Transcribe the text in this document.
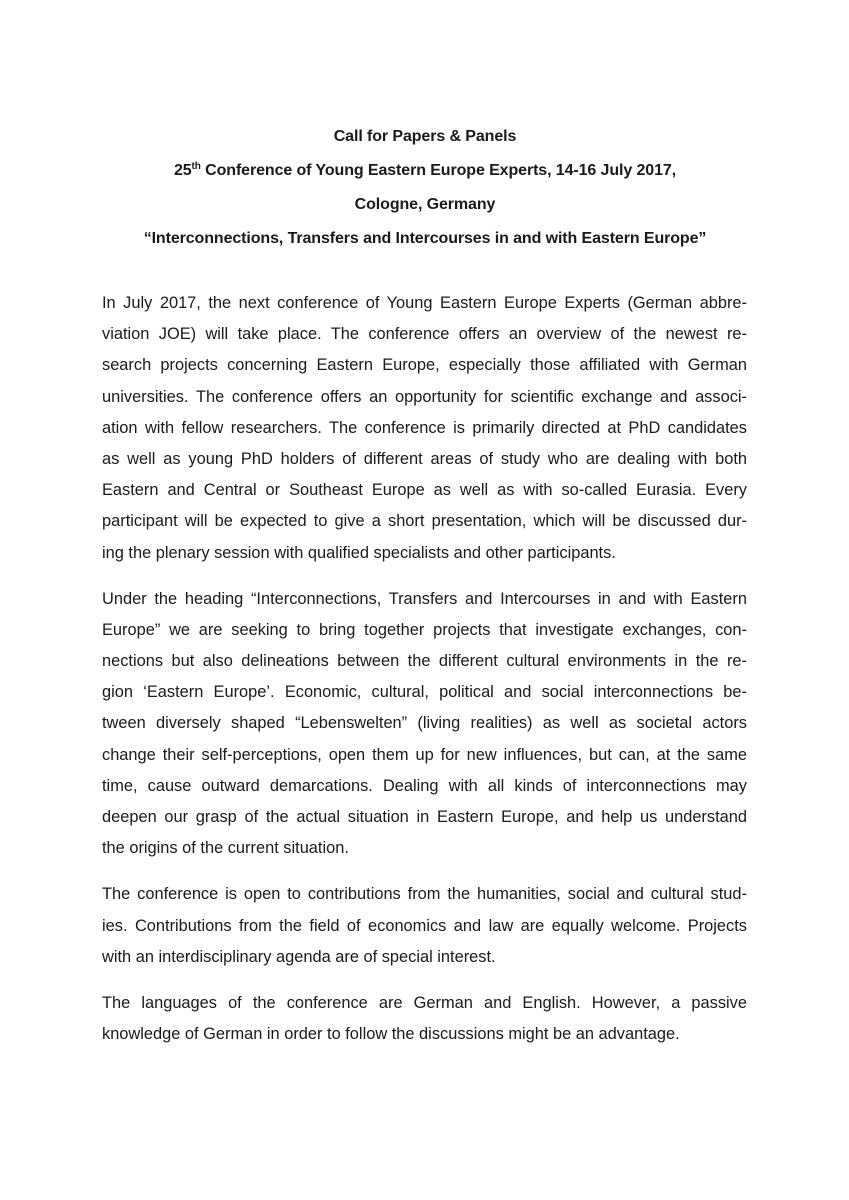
Call for Papers & Panels
25th Conference of Young Eastern Europe Experts, 14-16 July 2017,
Cologne, Germany
“Interconnections, Transfers and Intercourses in and with Eastern Europe”
In July 2017, the next conference of Young Eastern Europe Experts (German abbre-
viation JOE) will take place. The conference offers an overview of the newest re-
search projects concerning Eastern Europe, especially those affiliated with German
universities. The conference offers an opportunity for scientific exchange and associ-
ation with fellow researchers. The conference is primarily directed at PhD candidates
as well as young PhD holders of different areas of study who are dealing with both
Eastern and Central or Southeast Europe as well as with so-called Eurasia. Every
participant will be expected to give a short presentation, which will be discussed dur-
ing the plenary session with qualified specialists and other participants.
Under the heading “Interconnections, Transfers and Intercourses in and with Eastern
Europe” we are seeking to bring together projects that investigate exchanges, con-
nections but also delineations between the different cultural environments in the re-
gion ‘Eastern Europe’. Economic, cultural, political and social interconnections be-
tween diversely shaped “Lebenswelten” (living realities) as well as societal actors
change their self-perceptions, open them up for new influences, but can, at the same
time, cause outward demarcations. Dealing with all kinds of interconnections may
deepen our grasp of the actual situation in Eastern Europe, and help us understand
the origins of the current situation.
The conference is open to contributions from the humanities, social and cultural stud-
ies. Contributions from the field of economics and law are equally welcome. Projects
with an interdisciplinary agenda are of special interest.
The languages of the conference are German and English. However, a passive
knowledge of German in order to follow the discussions might be an advantage.
